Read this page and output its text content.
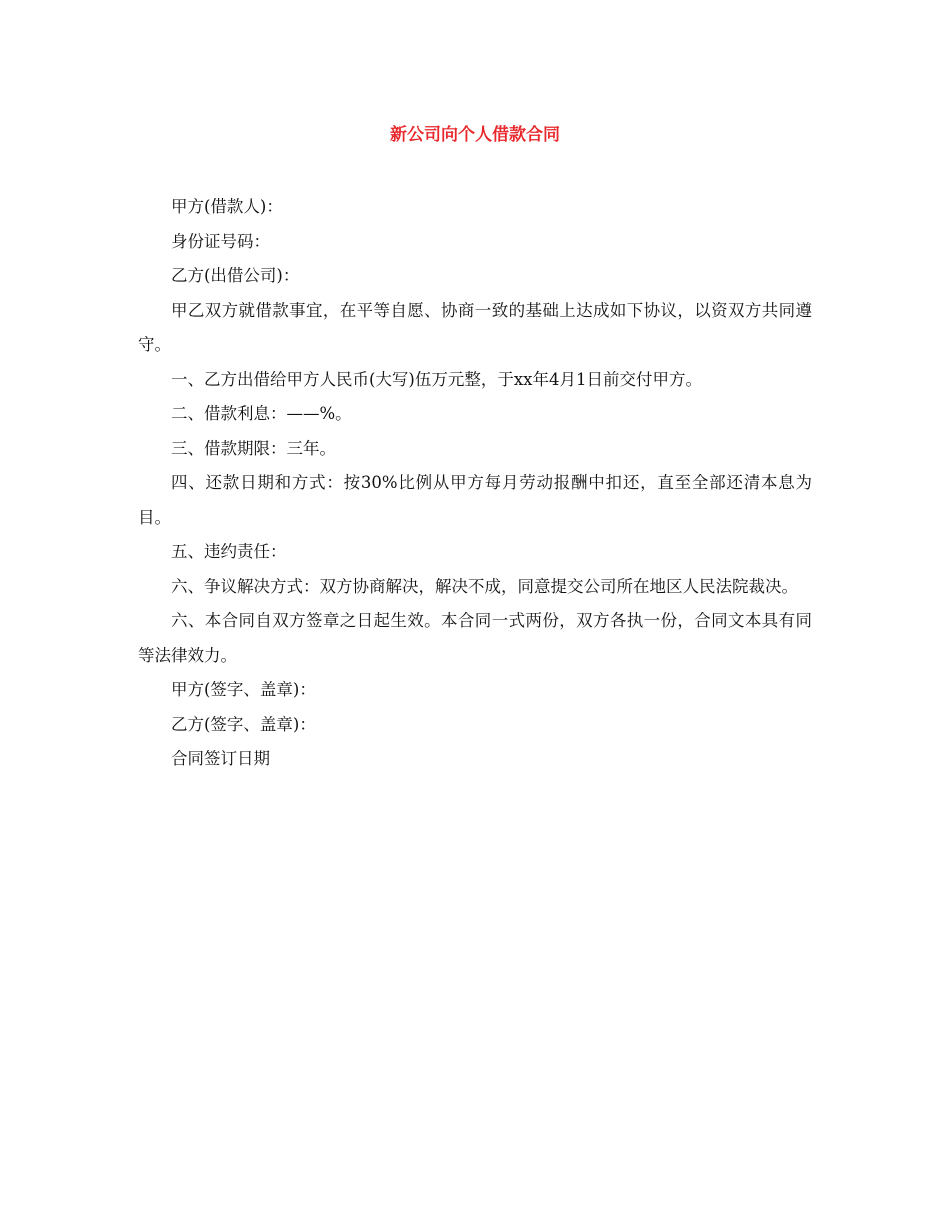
新公司向个人借款合同

甲方(借款人)：

身份证号码：

乙方(出借公司)：

甲乙双方就借款事宜，在平等自愿、协商一致的基础上达成如下协议，以资双方共同遵守。

一、乙方出借给甲方人民币(大写)伍万元整，于xx年4月1日前交付甲方。

二、借款利息：——%。

三、借款期限：三年。

四、还款日期和方式：按30%比例从甲方每月劳动报酬中扣还，直至全部还清本息为目。

五、违约责任：

六、争议解决方式：双方协商解决，解决不成，同意提交公司所在地区人民法院裁决。

六、本合同自双方签章之日起生效。本合同一式两份，双方各执一份，合同文本具有同等法律效力。

甲方(签字、盖章)：

乙方(签字、盖章)：

合同签订日期
